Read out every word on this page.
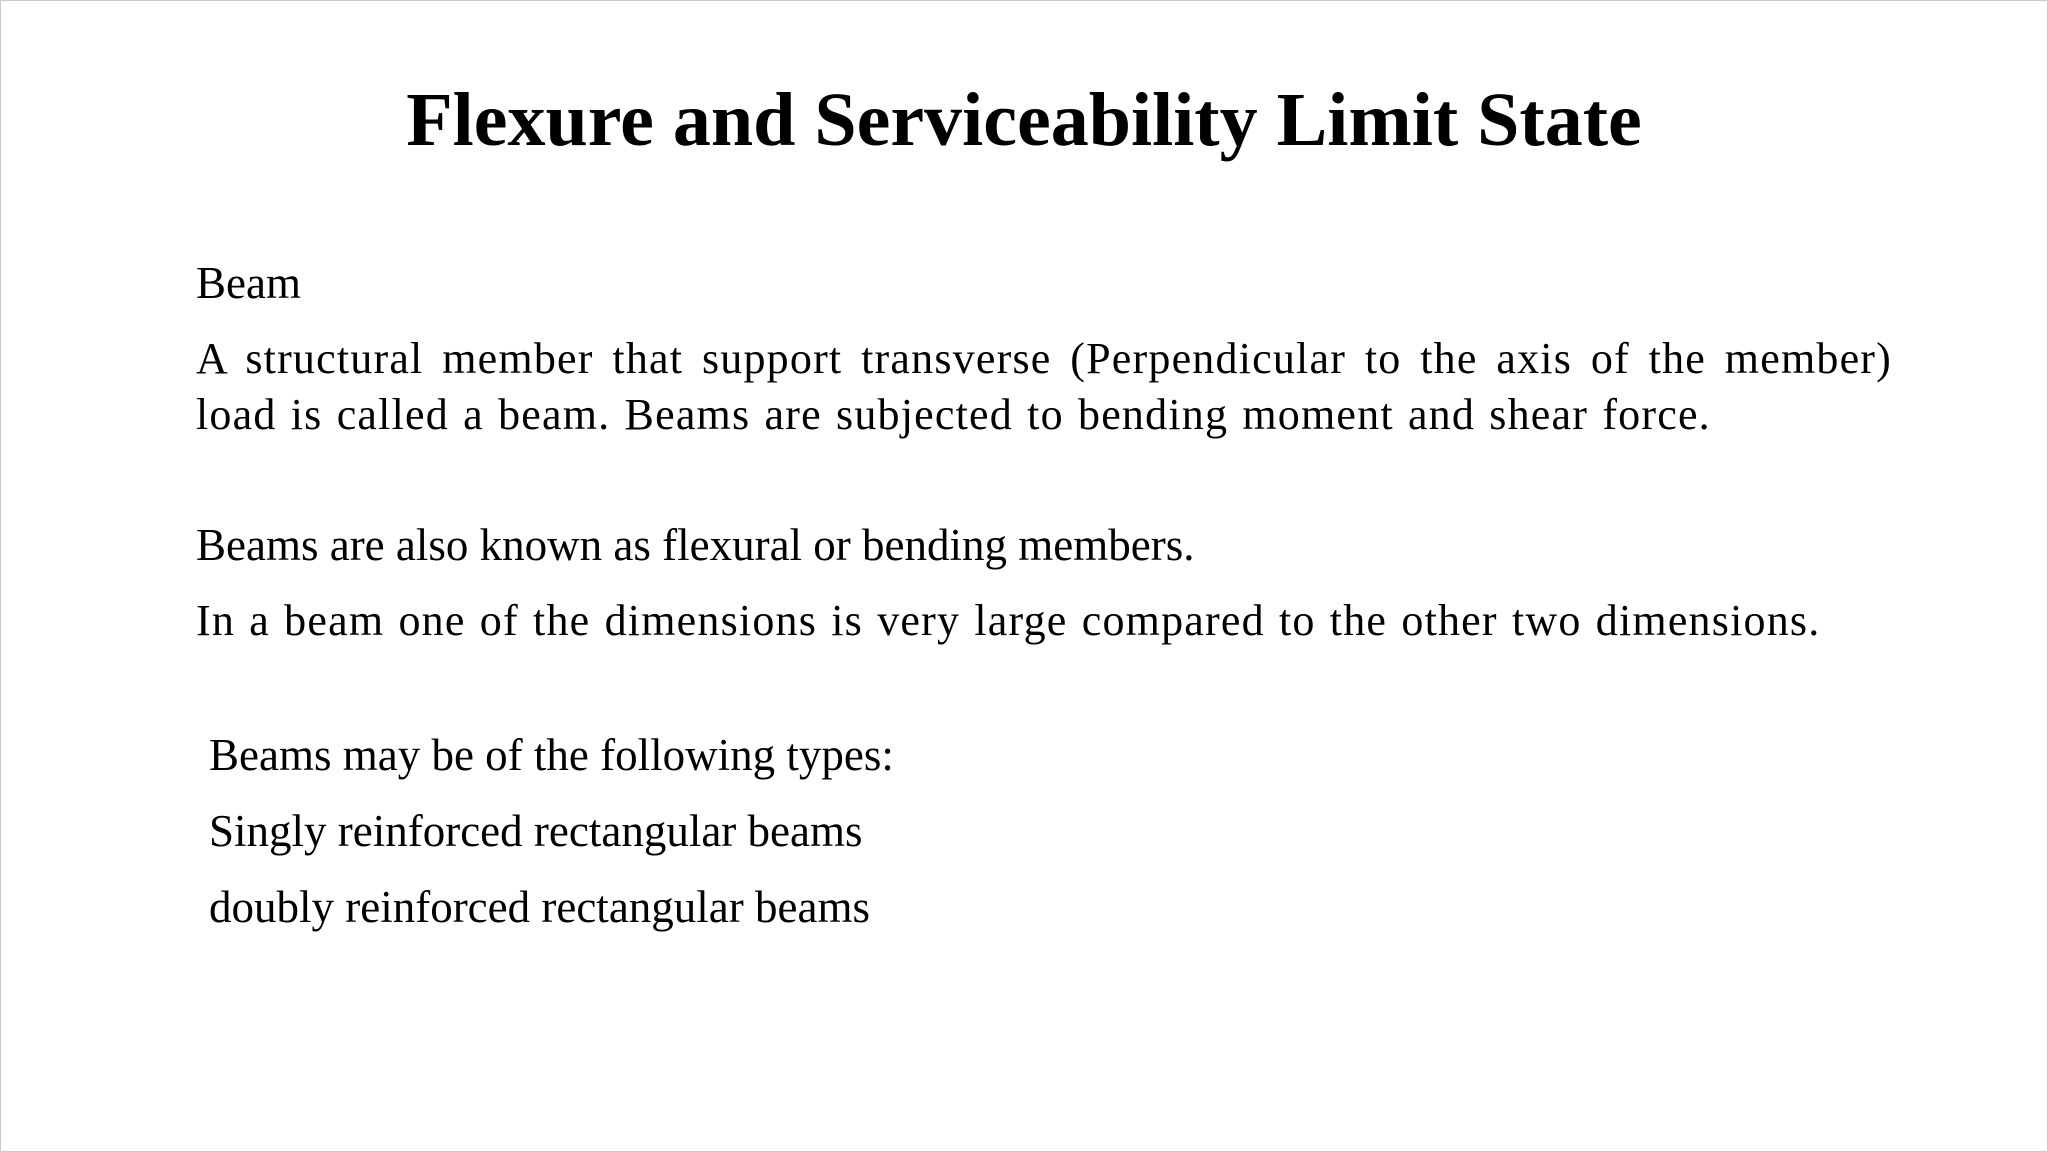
Flexure and Serviceability Limit State

Beam

A structural member that support transverse (Perpendicular to the axis of the member) load is called a beam. Beams are subjected to bending moment and shear force.

Beams are also known as flexural or bending members.

In a beam one of the dimensions is very large compared to the other two dimensions.

Beams may be of the following types:

Singly reinforced rectangular beams

doubly reinforced rectangular beams
